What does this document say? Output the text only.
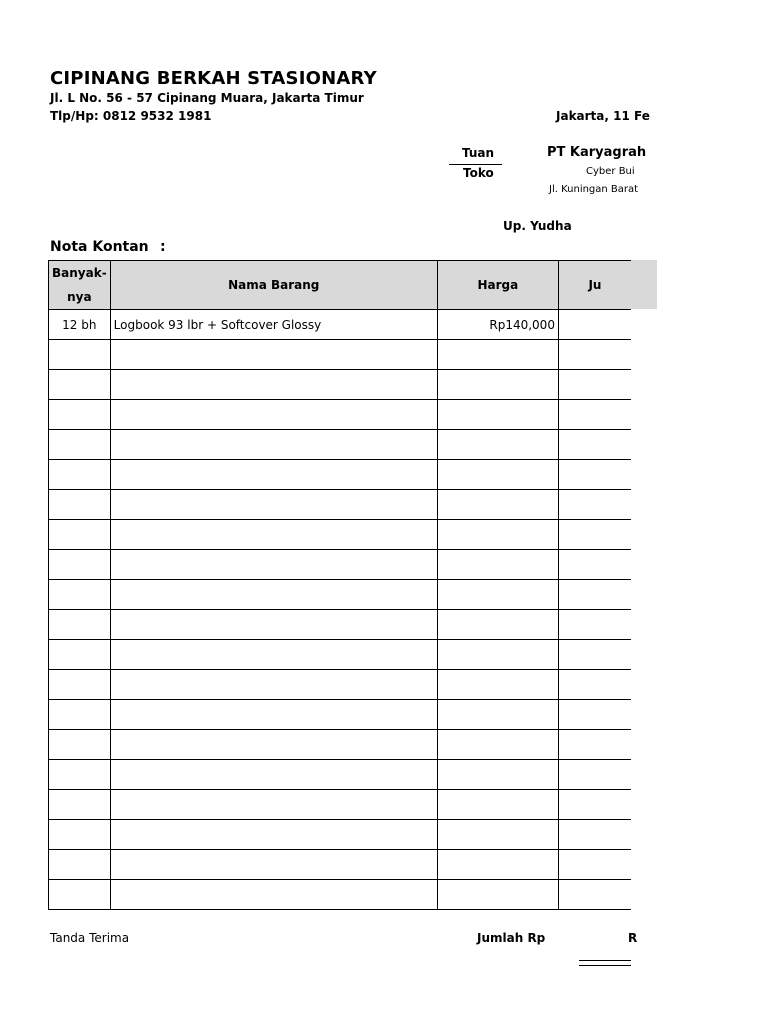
CIPINANG BERKAH STASIONARY
Jl. L No. 56 - 57 Cipinang Muara, Jakarta Timur
Tlp/Hp: 0812 9532 1981	Jakarta, 11 Fe
Tuan
Toko
PT Karyagrah
Cyber Bui
Jl. Kuningan Barat
Up. Yudha
Nota Kontan :
Banyak-
nya	Nama Barang	Harga	Ju
12 bh	Logbook 93 lbr + Softcover Glossy	Rp140,000	

Tanda Terima	Jumlah Rp	R
